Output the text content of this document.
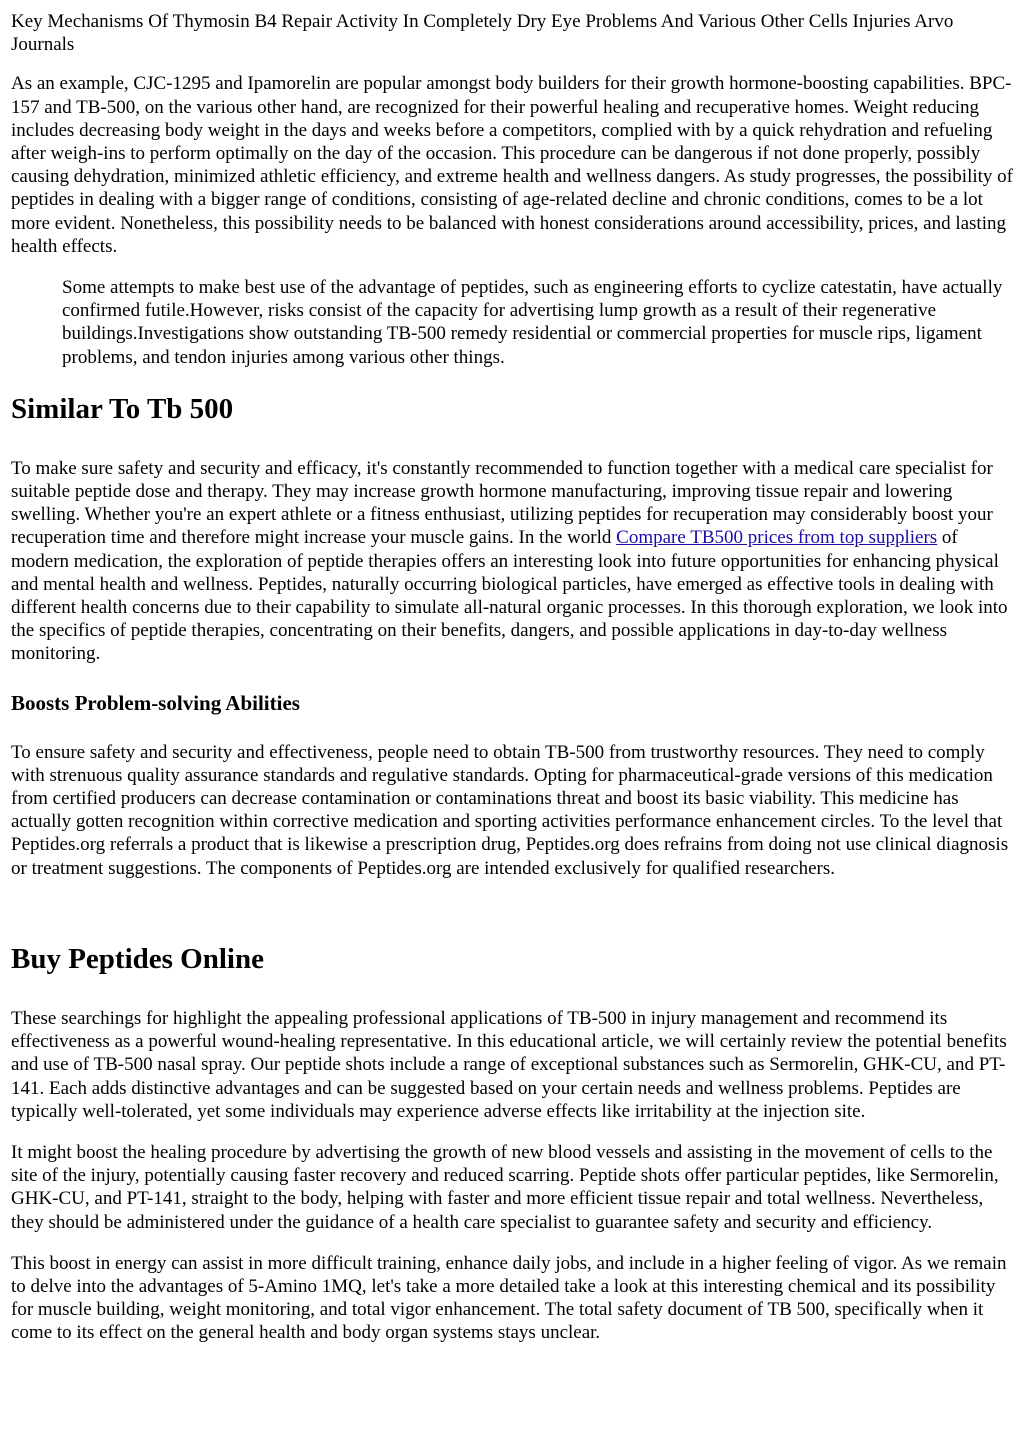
Key Mechanisms Of Thymosin B4 Repair Activity In Completely Dry Eye Problems And Various Other Cells Injuries Arvo Journals

As an example, CJC-1295 and Ipamorelin are popular amongst body builders for their growth hormone-boosting capabilities. BPC-157 and TB-500, on the various other hand, are recognized for their powerful healing and recuperative homes. Weight reducing includes decreasing body weight in the days and weeks before a competitors, complied with by a quick rehydration and refueling after weigh-ins to perform optimally on the day of the occasion. This procedure can be dangerous if not done properly, possibly causing dehydration, minimized athletic efficiency, and extreme health and wellness dangers. As study progresses, the possibility of peptides in dealing with a bigger range of conditions, consisting of age-related decline and chronic conditions, comes to be a lot more evident. Nonetheless, this possibility needs to be balanced with honest considerations around accessibility, prices, and lasting health effects.

Some attempts to make best use of the advantage of peptides, such as engineering efforts to cyclize catestatin, have actually confirmed futile.However, risks consist of the capacity for advertising lump growth as a result of their regenerative buildings.Investigations show outstanding TB-500 remedy residential or commercial properties for muscle rips, ligament problems, and tendon injuries among various other things.
Similar To Tb 500

To make sure safety and security and efficacy, it's constantly recommended to function together with a medical care specialist for suitable peptide dose and therapy. They may increase growth hormone manufacturing, improving tissue repair and lowering swelling. Whether you're an expert athlete or a fitness enthusiast, utilizing peptides for recuperation may considerably boost your recuperation time and therefore might increase your muscle gains. In the world Compare TB500 prices from top suppliers of modern medication, the exploration of peptide therapies offers an interesting look into future opportunities for enhancing physical and mental health and wellness. Peptides, naturally occurring biological particles, have emerged as effective tools in dealing with different health concerns due to their capability to simulate all-natural organic processes. In this thorough exploration, we look into the specifics of peptide therapies, concentrating on their benefits, dangers, and possible applications in day-to-day wellness monitoring.

Boosts Problem-solving Abilities

To ensure safety and security and effectiveness, people need to obtain TB-500 from trustworthy resources. They need to comply with strenuous quality assurance standards and regulative standards. Opting for pharmaceutical-grade versions of this medication from certified producers can decrease contamination or contaminations threat and boost its basic viability. This medicine has actually gotten recognition within corrective medication and sporting activities performance enhancement circles. To the level that Peptides.org referrals a product that is likewise a prescription drug, Peptides.org does refrains from doing not use clinical diagnosis or treatment suggestions. The components of Peptides.org are intended exclusively for qualified researchers.

Buy Peptides Online

These searchings for highlight the appealing professional applications of TB-500 in injury management and recommend its effectiveness as a powerful wound-healing representative. In this educational article, we will certainly review the potential benefits and use of TB-500 nasal spray. Our peptide shots include a range of exceptional substances such as Sermorelin, GHK-CU, and PT-141. Each adds distinctive advantages and can be suggested based on your certain needs and wellness problems. Peptides are typically well-tolerated, yet some individuals may experience adverse effects like irritability at the injection site.

It might boost the healing procedure by advertising the growth of new blood vessels and assisting in the movement of cells to the site of the injury, potentially causing faster recovery and reduced scarring. Peptide shots offer particular peptides, like Sermorelin, GHK-CU, and PT-141, straight to the body, helping with faster and more efficient tissue repair and total wellness. Nevertheless, they should be administered under the guidance of a health care specialist to guarantee safety and security and efficiency.

This boost in energy can assist in more difficult training, enhance daily jobs, and include in a higher feeling of vigor. As we remain to delve into the advantages of 5-Amino 1MQ, let's take a more detailed take a look at this interesting chemical and its possibility for muscle building, weight monitoring, and total vigor enhancement. The total safety document of TB 500, specifically when it come to its effect on the general health and body organ systems stays unclear.
